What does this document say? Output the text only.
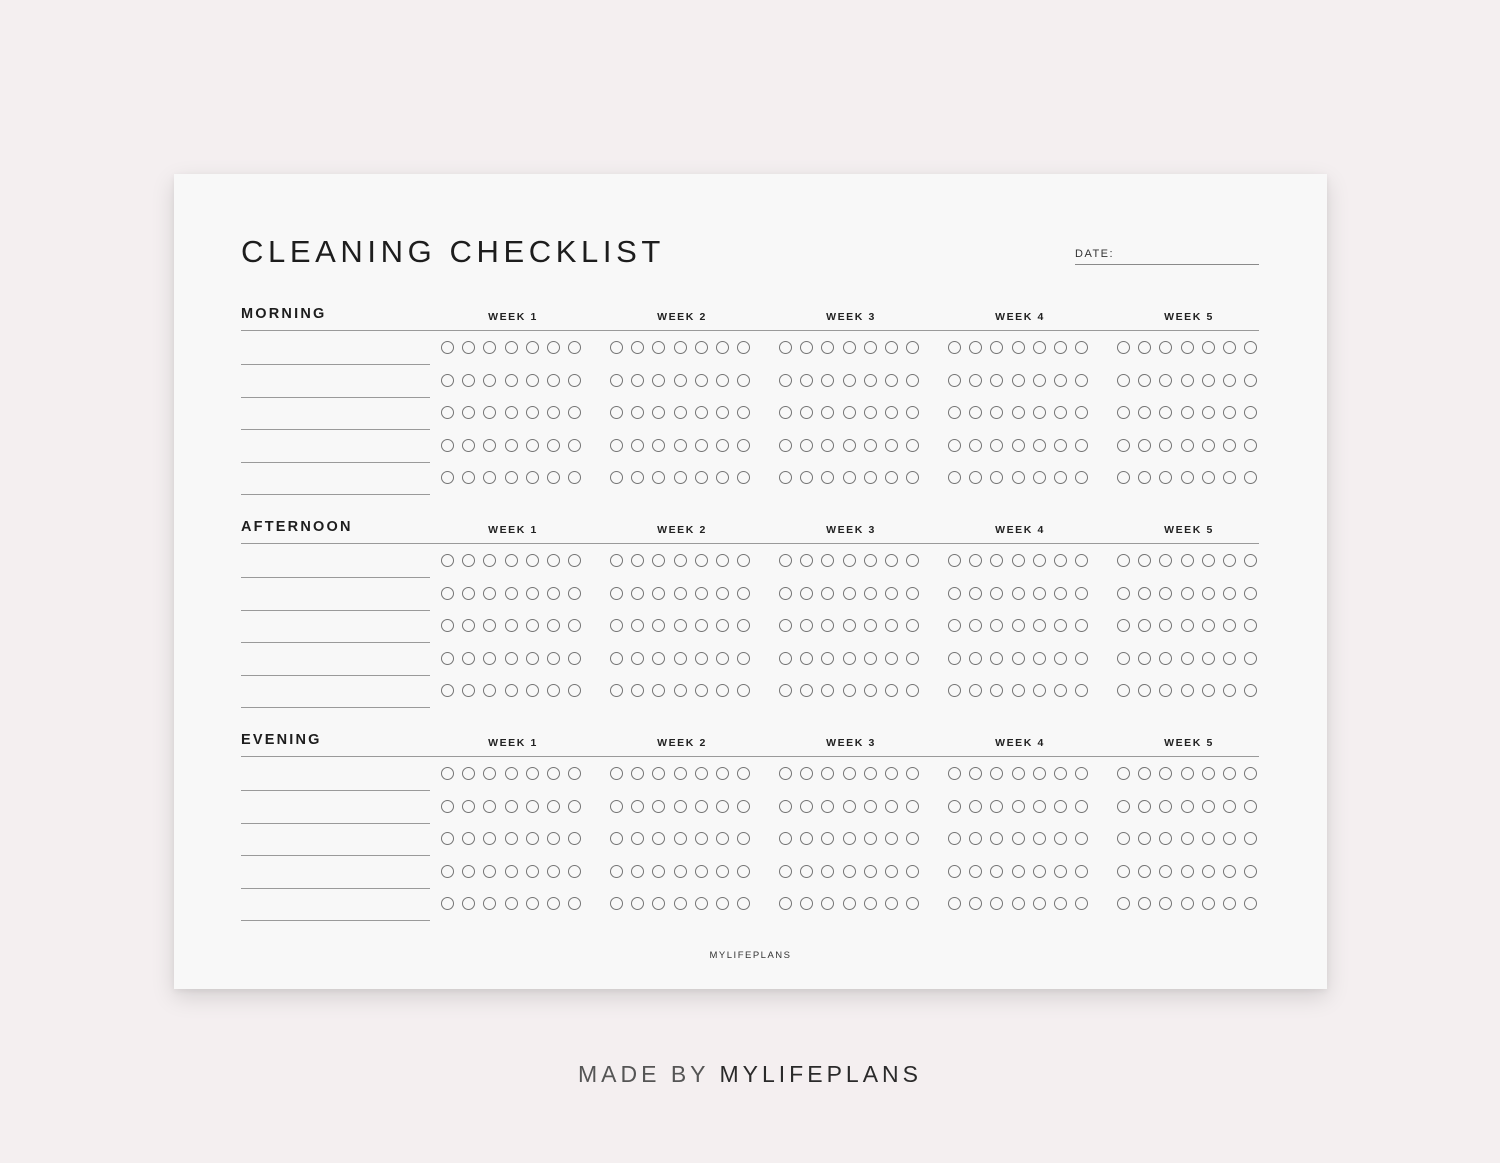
CLEANING CHECKLIST	DATE:
MORNING	WEEK 1	WEEK 2	WEEK 3	WEEK 4	WEEK 5
AFTERNOON	WEEK 1	WEEK 2	WEEK 3	WEEK 4	WEEK 5
EVENING	WEEK 1	WEEK 2	WEEK 3	WEEK 4	WEEK 5
MYLIFEPLANS
MADE BY MYLIFEPLANS
